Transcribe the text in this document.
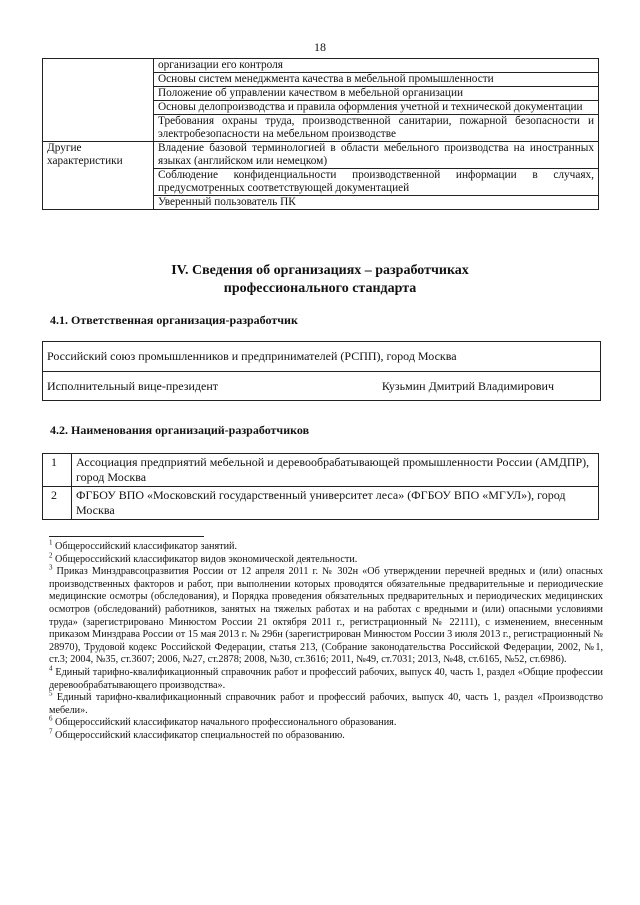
18
	организации его контроля
	Основы систем менеджмента качества в мебельной промышленности
	Положение об управлении качеством в мебельной организации
	Основы делопроизводства и правила оформления учетной и технической документации
	Требования охраны труда, производственной санитарии, пожарной безопасности и электробезопасности на мебельном производстве
Другие характеристики	Владение базовой терминологией в области мебельного производства на иностранных языках (английском или немецком)
	Соблюдение конфиденциальности производственной информации в случаях, предусмотренных соответствующей документацией
	Уверенный пользователь ПК
IV. Сведения об организациях – разработчиках
профессионального стандарта
4.1. Ответственная организация-разработчик
Российский союз промышленников и предпринимателей (РСПП), город Москва
Исполнительный вице-президент	Кузьмин Дмитрий Владимирович
4.2. Наименования организаций-разработчиков
1	Ассоциация предприятий мебельной и деревообрабатывающей промышленности России (АМДПР), город Москва
2	ФГБОУ ВПО «Московский государственный университет леса» (ФГБОУ ВПО «МГУЛ»), город Москва
$^1$ Общероссийский классификатор занятий.
$^2$ Общероссийский классификатор видов экономической деятельности.
$^3$ Приказ Минздравсоцразвития России от 12 апреля 2011 г. № 302н «Об утверждении перечней вредных и (или) опасных производственных факторов и работ, при выполнении которых проводятся обязательные предварительные и периодические медицинские осмотры (обследования), и Порядка проведения обязательных предварительных и периодических медицинских осмотров (обследований) работников, занятых на тяжелых работах и на работах с вредными и (или) опасными условиями труда» (зарегистрировано Минюстом России 21 октября 2011 г., регистрационный № 22111), с изменением, внесенным приказом Минздрава России от 15 мая 2013 г. № 296н (зарегистрирован Минюстом России 3 июля 2013 г., регистрационный № 28970), Трудовой кодекс Российской Федерации, статья 213, (Собрание законодательства Российской Федерации, 2002, №1, ст.3; 2004, №35, ст.3607; 2006, №27, ст.2878; 2008, №30, ст.3616; 2011, №49, ст.7031; 2013, №48, ст.6165, №52, ст.6986).
$^4$ Единый тарифно-квалификационный справочник работ и профессий рабочих, выпуск 40, часть 1, раздел «Общие профессии деревообрабатывающего производства».
$^5$ Единый тарифно-квалификационный справочник работ и профессий рабочих, выпуск 40, часть 1, раздел «Производство мебели».
$^6$ Общероссийский классификатор начального профессионального образования.
$^7$ Общероссийский классификатор специальностей по образованию.
